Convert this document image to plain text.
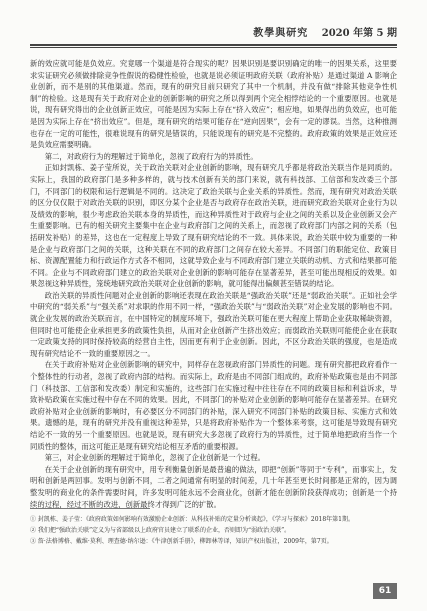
教學與研究 2020 年第 5 期

新的效应就可能是负效应。究竟哪一个渠道是符合现实的呢？因果识别是要识别确定的唯一的因果关系，这里要求实证研究必须做排除竞争性假说的稳健性检验，也就是说必须证明政府关联（政府补贴）是通过渠道 A 影响企业创新，而不是别的其他渠道。然而，现有的研究目前只研究了其中一个机制，并没有做“排除其他竞争性机制”的检验。这是现有关于政府对企业的创新影响的研究之所以得到两个完全相悖结论的一个重要原因。也就是说，现有研究得出的企业创新正效应，可能是因为实际上存在“挤入效应”；相应地，如果得出的负效应，也可能是因为实际上存在“挤出效应”。但是，现有研究的结果可能存在“逆向因果”，会有一定的谬误。当然，这种推测也存在一定的可能性，很难说现有的研究是错误的，只能说现有的研究是不完整的。政府政策的效果是正效应还是负效应需要明确。

第二，对政府行为的理解过于简单化，忽视了政府行为的异质性。

正如封凯栋、姜子莹所说，关于政治关联对企业创新的影响，现有研究几乎都是将政治关联当作是同质的。实际上，我国的政府部门是多种多样的，就与技术创新有关的部门来说，就有科技部、工信部和发改委三个部门，不同部门的权限和运行逻辑是不同的。这决定了政治关联与企业关系的异质性。然而，现有研究对政治关联的区分仅仅限于对政治关联的识别，即区分某个企业是否与政府存在政治关联，进而研究政治关联对企业行为以及绩效的影响，很少考虑政治关联本身的异质性，而这种异质性对于政府与企业之间的关系以及企业创新又会产生重要影响。已有的相关研究主要集中在企业与政府部门之间的关系上，而忽视了政府部门内部之间的关系（包括研发补贴）的差异，这也在一定程度上导致了现有研究结论的不一致。具体来说，政治关联中较为重要的一种是企业与政府部门之间的关联，这种关联在不同的政府部门之间存在较大差异。不同部门的职能定位、政策目标、资源配置能力和行政运作方式各不相同，这就导致企业与不同政府部门建立关联的动机、方式和结果都可能不同。企业与不同政府部门建立的政治关联对企业创新的影响可能存在显著差异，甚至可能出现相反的效果。如果忽视这种异质性，笼统地研究政治关联对企业创新的影响，就可能得出偏颇甚至错误的结论。

政治关联的异质性问题对企业创新的影响还表现在政治关联是“强政治关联”还是“弱政治关联”。正如社会学中研究的“弱关系”与“强关系”对求职的作用不同一样，“强政治关联”与“弱政治关联”对企业发展的影响也不同。就企业发展的政治关联而言，在中国特定的制度环境下，强政治关联可能在更大程度上帮助企业获取稀缺资源，但同时也可能使企业承担更多的政策性负担，从而对企业创新产生挤出效应；而弱政治关联则可能使企业在获取一定政策支持的同时保持较高的经营自主性，因而更有利于企业创新。因此，不区分政治关联的强度，也是造成现有研究结论不一致的重要原因之一。

在关于政府补贴对企业创新影响的研究中，同样存在忽视政府部门异质性的问题。现有研究都把政府看作一个整体性的行动者，忽视了政府内部的结构。而实际上，政府是由不同部门组成的，政府补贴政策也是由不同部门（科技部、工信部和发改委）制定和实施的，这些部门在实施过程中往往存在不同的政策目标和利益诉求，导致补贴政策在实施过程中存在不同的效果。因此，不同部门的补贴对企业创新的影响可能存在显著差异。在研究政府补贴对企业创新的影响时，有必要区分不同部门的补贴，深入研究不同部门补贴的政策目标、实施方式和效果。遗憾的是，现有的研究并没有重视这种差异，只是将政府补贴作为一个整体来考察，这可能是导致现有研究结论不一致的另一个重要原因。也就是说，现有研究大多忽视了政府行为的异质性，过于简单地把政府当作一个同质性的整体，而这可能正是现有研究结论相互矛盾的重要根源。

第三，对企业创新的理解过于简单化，忽视了企业创新是一个过程。

在关于企业创新的现有研究中，用专利衡量创新是最普遍的做法，即把“创新”等同于“专利”，而事实上，发明和创新是两回事。发明与创新不同，二者之间通常有明显的时间差，几十年甚至更长时间都是正常的，因为调整发明的商业化的条件需要时间，许多发明可能永远不会商业化，创新才能在创新阶段获得成功；创新是一个持续的过程，经过不断的改进，创新最终才得到广泛的扩散。

① 封凯栋、姜子莹：《政府政策如何影响有效激励企业创新：从科技补贴的定量分析谈起》，《学习与探索》2018年第1期。

② 我们把“强政治关联”定义为与省部级以上政府官员建立了联系的企业，否则即为“弱政治关联”。

③ 詹·法格博格、戴维·莫利、理查德·纳尔逊：《牛津创新手册》，柳卸林等译，知识产权出版社，2009年，第7页。

61
